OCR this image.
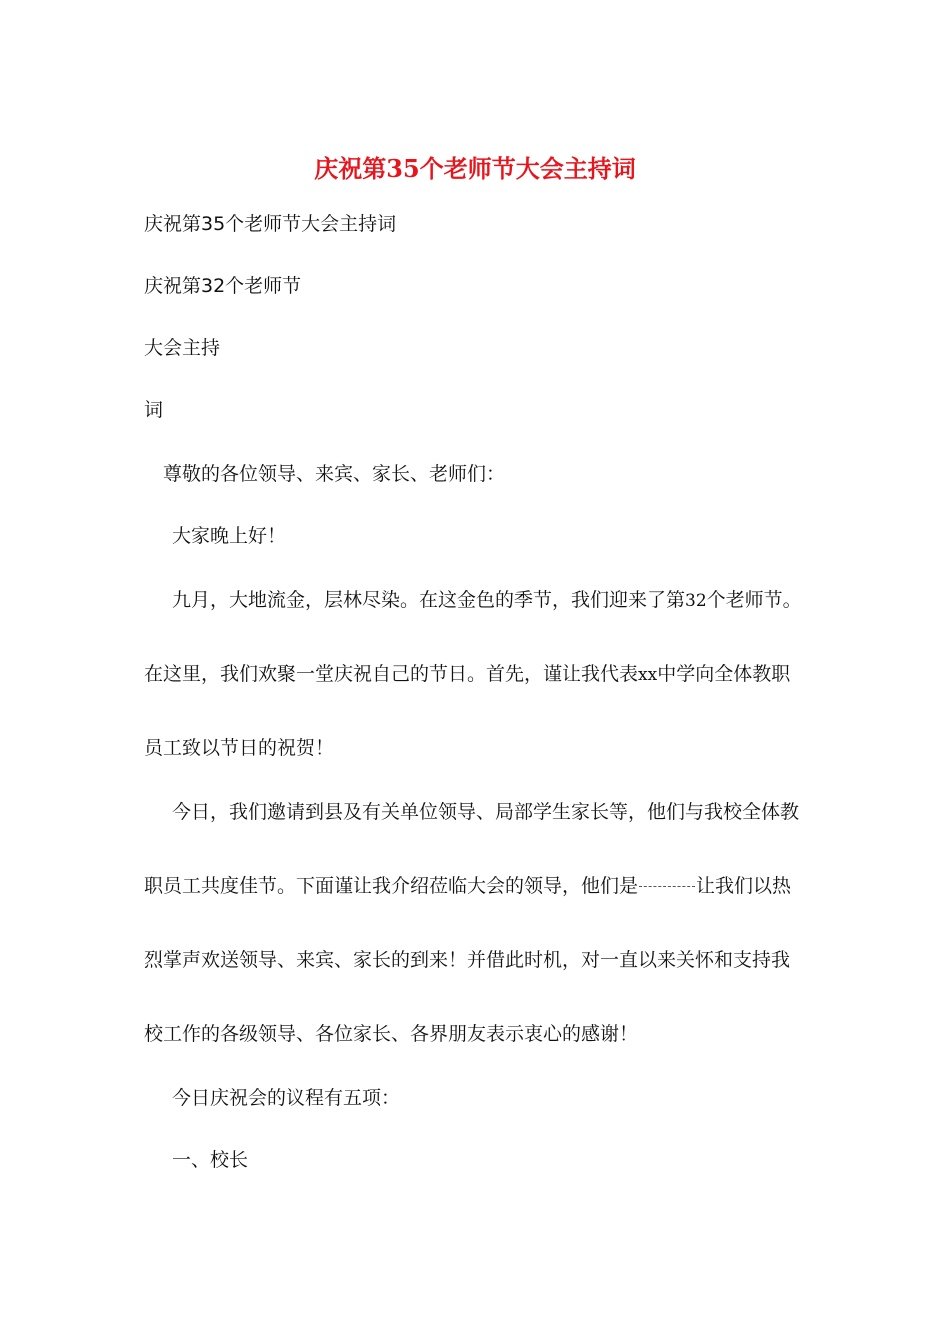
庆祝第35个老师节大会主持词

庆祝第35个老师节大会主持词

庆祝第32个老师节

大会主持

词

尊敬的各位领导、来宾、家长、老师们：

大家晚上好！

九月，大地流金，层林尽染。在这金色的季节，我们迎来了第32个老师节。

在这里，我们欢聚一堂庆祝自己的节日。首先，谨让我代表xx中学向全体教职

员工致以节日的祝贺！

今日，我们邀请到县及有关单位领导、局部学生家长等，他们与我校全体教

职员工共度佳节。下面谨让我介绍莅临大会的领导，他们是	让我们以热

烈掌声欢送领导、来宾、家长的到来！并借此时机，对一直以来关怀和支持我

校工作的各级领导、各位家长、各界朋友表示衷心的感谢！

今日庆祝会的议程有五项：

一、校长
